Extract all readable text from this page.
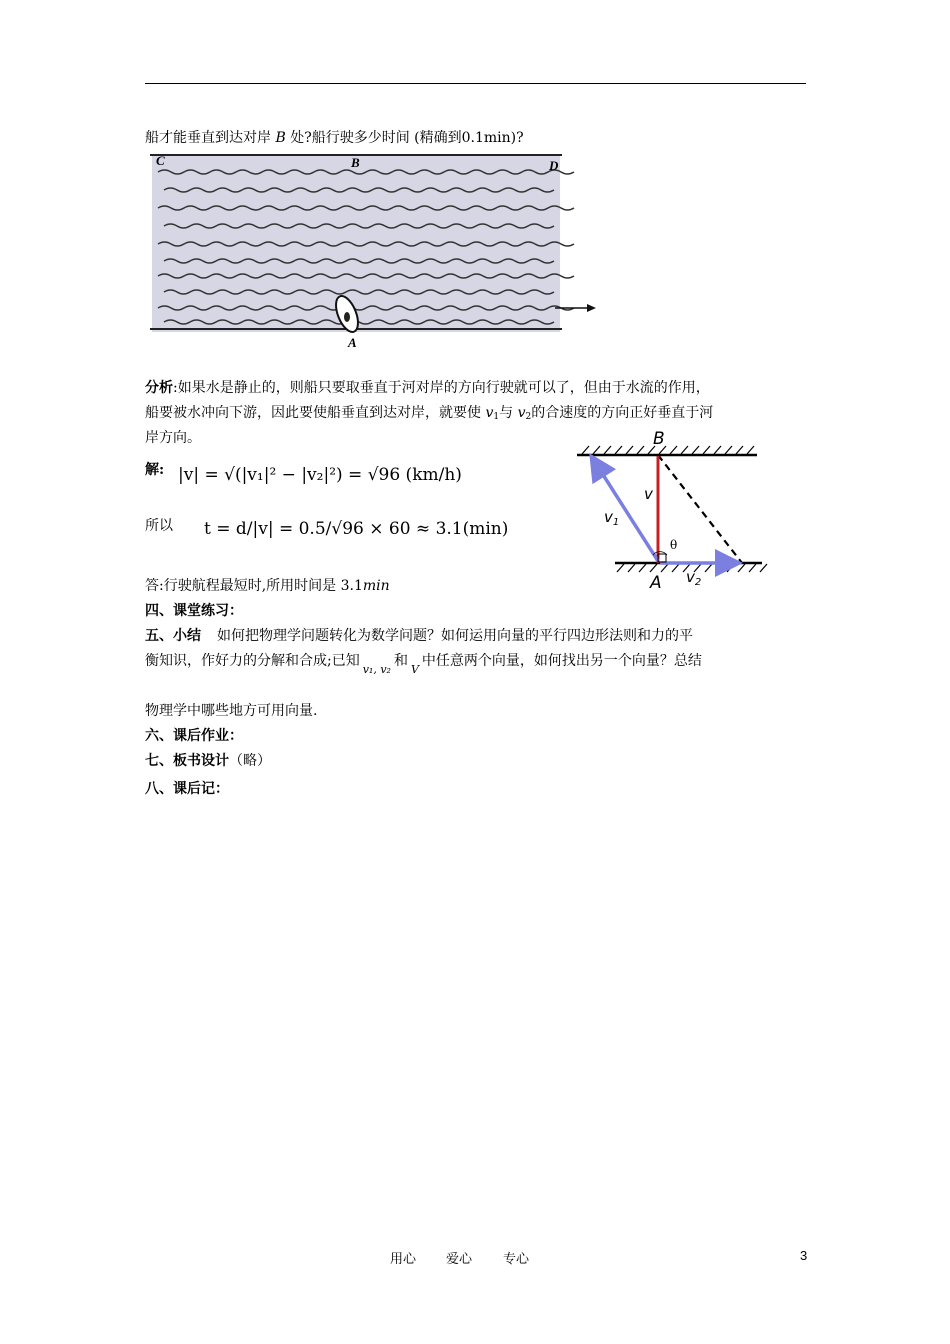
船才能垂直到达对岸 B 处?船行驶多少时间 (精确到0.1min)?
C	B	D
A
分析:如果水是静止的，则船只要取垂直于河对岸的方向行驶就可以了，但由于水流的作用，
船要被水冲向下游，因此要使船垂直到达对岸，就要使 $v_1$与 $v_2$的合速度的方向正好垂直于河
岸方向。
解: |v| = √(|v₁|² − |v₂|²) = √96 (km/h)
所以 t = d/|v| = 0.5/√96 × 60 ≈ 3.1(min)
答:行驶航程最短时,所用时间是 3.1min
四、课堂练习：
五、小结 如何把物理学问题转化为数学问题？如何运用向量的平行四边形法则和力的平
衡知识，作好力的分解和合成;已知$_{v_1, v_2}$和$_V$中任意两个向量，如何找出另一个向量？总结
物理学中哪些地方可用向量.
六、课后作业：
七、板书设计（略）
八、课后记：
B
A
v
$v_1$
$v_2$
θ
用心 爱心 专心	3
